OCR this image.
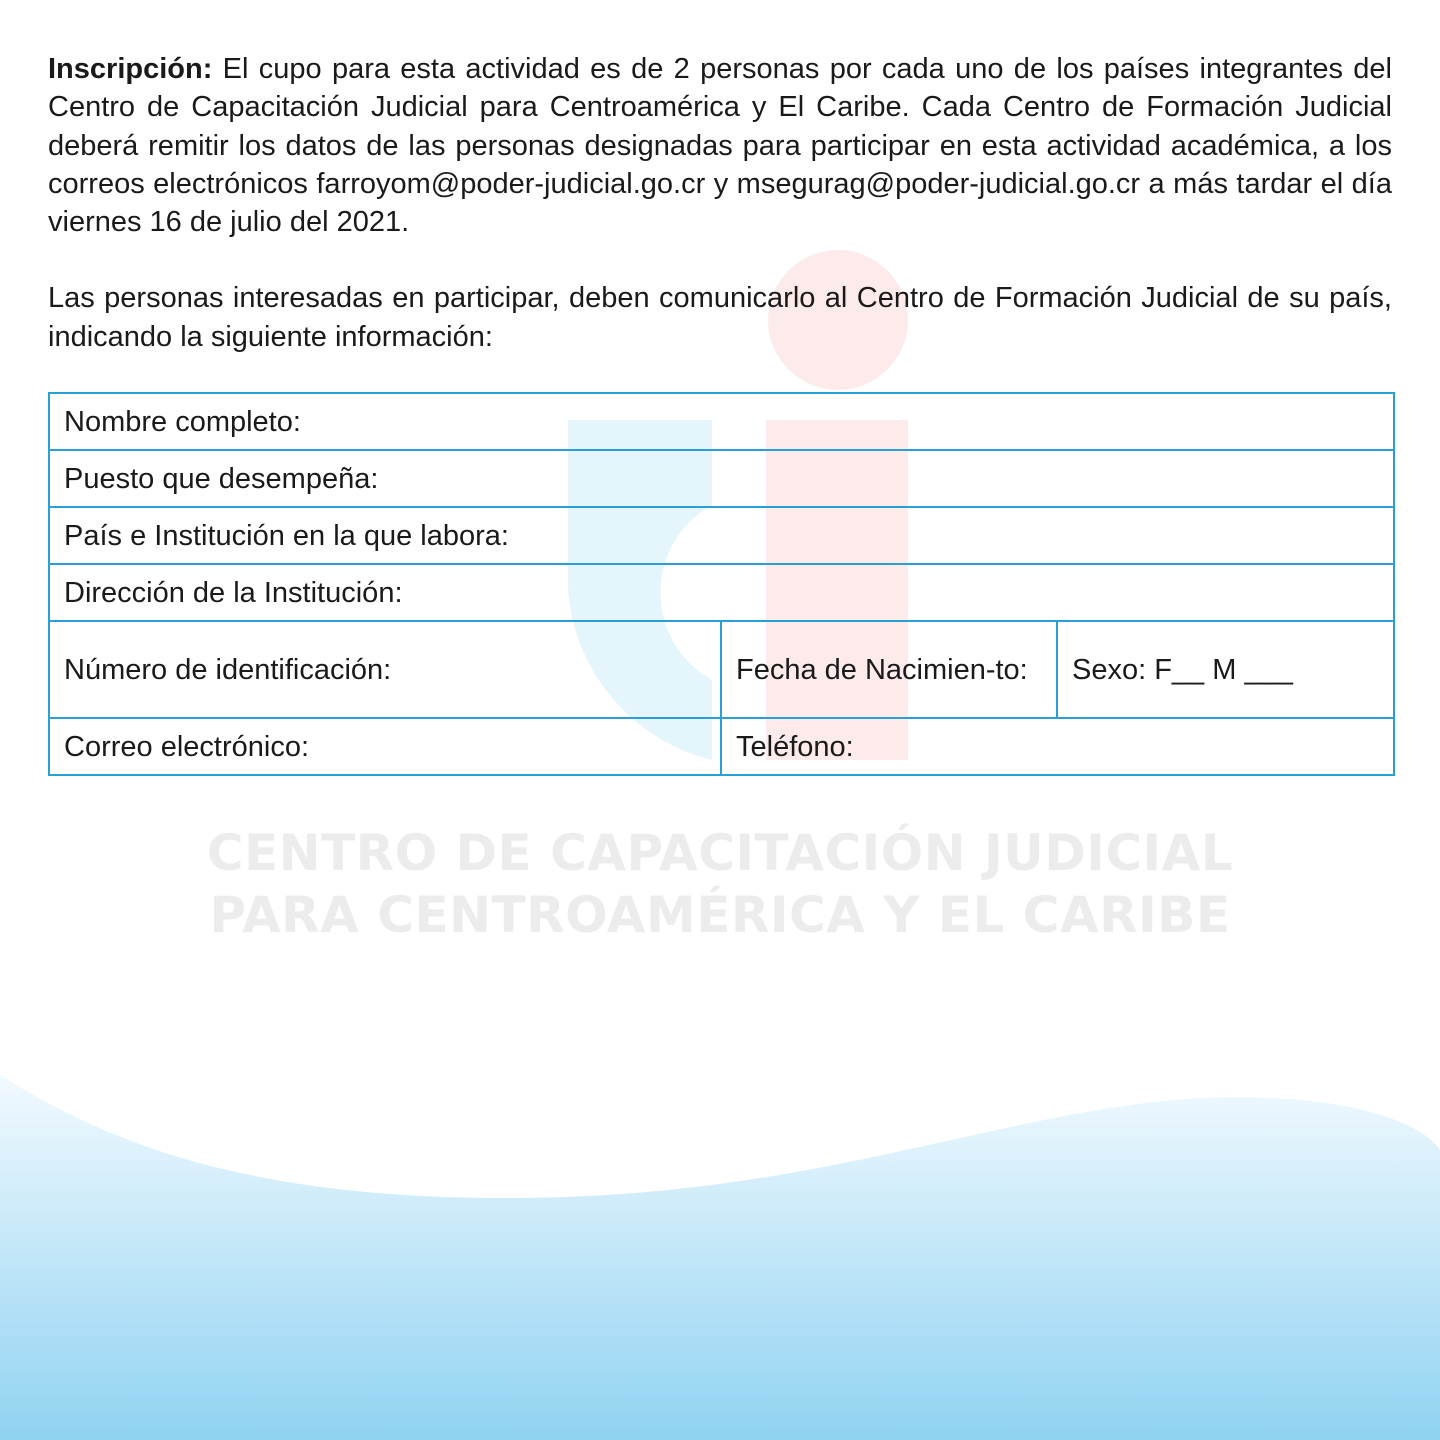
CENTRO DE CAPACITACIÓN JUDICIAL
PARA CENTROAMÉRICA Y EL CARIBE

Inscripción: El cupo para esta actividad es de 2 personas por cada uno de los países integrantes del Centro de Capacitación Judicial para Centroamérica y El Caribe. Cada Centro de Formación Judicial deberá remitir los datos de las personas designadas para participar en esta actividad académica, a los correos electrónicos farroyom@poder-judicial.go.cr y msegurag@poder-judicial.go.cr a más tardar el día viernes 16 de julio del 2021.

Las personas interesadas en participar, deben comunicarlo al Centro de Formación Judicial de su país, indicando la siguiente información:

Nombre completo:		
Puesto que desempeña:		
País e Institución en la que labora:		
Dirección de la Institución:		
Número de identificación:	Fecha de Nacimien-to:	Sexo: F__ M ___
Correo electrónico:	Teléfono:	
